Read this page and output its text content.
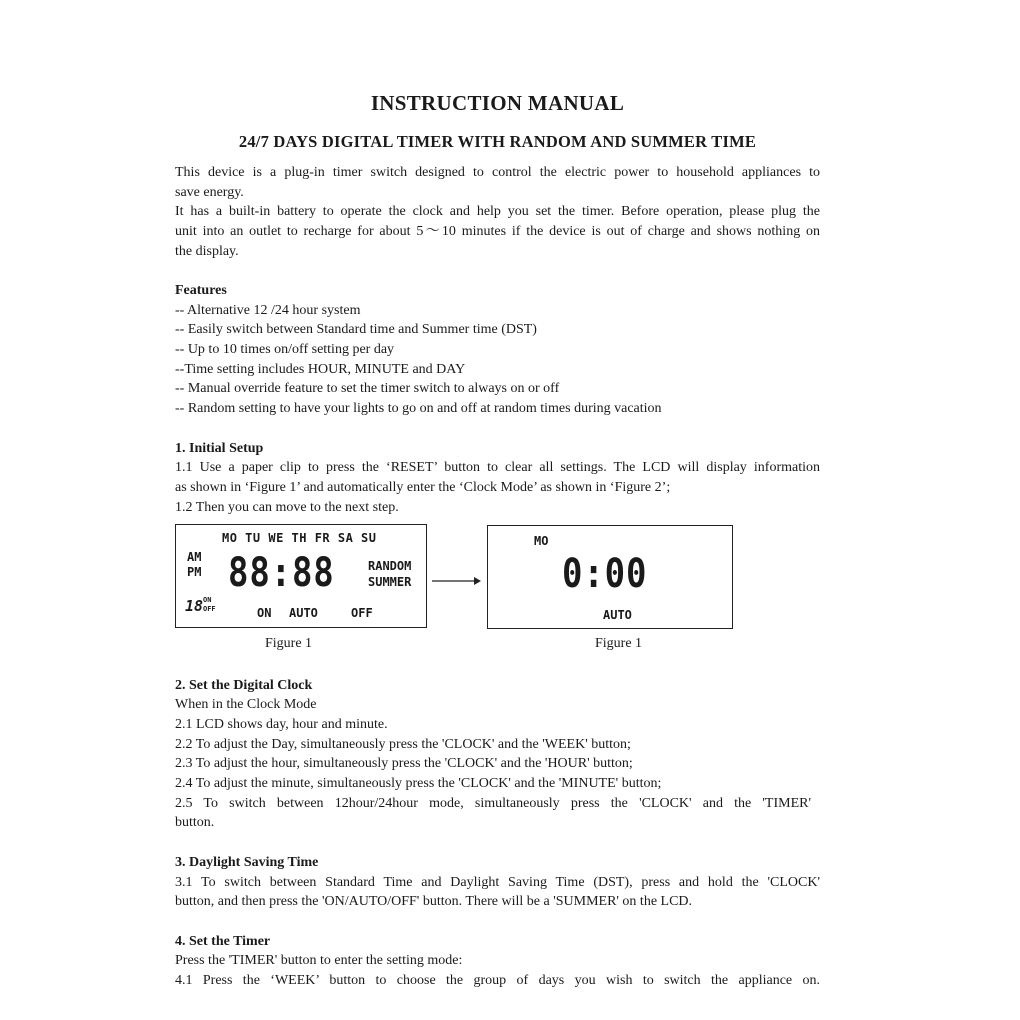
INSTRUCTION MANUAL
24/7 DAYS DIGITAL TIMER WITH RANDOM AND SUMMER TIME
This device is a plug-in timer switch designed to control the electric power to household appliances to
save energy.
It has a built-in battery to operate the clock and help you set the timer. Before operation, please plug the
unit into an outlet to recharge for about 5～10 minutes if the device is out of charge and shows nothing on
the display.
Features
-- Alternative 12 /24 hour system
-- Easily switch between Standard time and Summer time (DST)
-- Up to 10 times on/off setting per day
--Time setting includes HOUR, MINUTE and DAY
-- Manual override feature to set the timer switch to always on or off
-- Random setting to have your lights to go on and off at random times during vacation
1. Initial Setup
1.1 Use a paper clip to press the ‘RESET’ button to clear all settings. The LCD will display information
as shown in ‘Figure 1’ and automatically enter the ‘Clock Mode’ as shown in ‘Figure 2’;
1.2 Then you can move to the next step.
MO TU WE TH FR SA SU
AM
PM 88:88	RANDOM
SUMMER
18 ON
OFF	ON AUTO	OFF
MO
0:00
AUTO
Figure 1	Figure 1
2. Set the Digital Clock
When in the Clock Mode
2.1 LCD shows day, hour and minute.
2.2 To adjust the Day, simultaneously press the 'CLOCK' and the 'WEEK' button;
2.3 To adjust the hour, simultaneously press the 'CLOCK' and the 'HOUR' button;
2.4 To adjust the minute, simultaneously press the 'CLOCK' and the 'MINUTE' button;
2.5 To switch between 12hour/24hour mode, simultaneously press the 'CLOCK' and the 'TIMER'
button.
3. Daylight Saving Time
3.1 To switch between Standard Time and Daylight Saving Time (DST), press and hold the 'CLOCK'
button, and then press the 'ON/AUTO/OFF' button. There will be a 'SUMMER' on the LCD.
4. Set the Timer
Press the 'TIMER' button to enter the setting mode:
4.1 Press the ‘WEEK’ button to choose the group of days you wish to switch the appliance on.
